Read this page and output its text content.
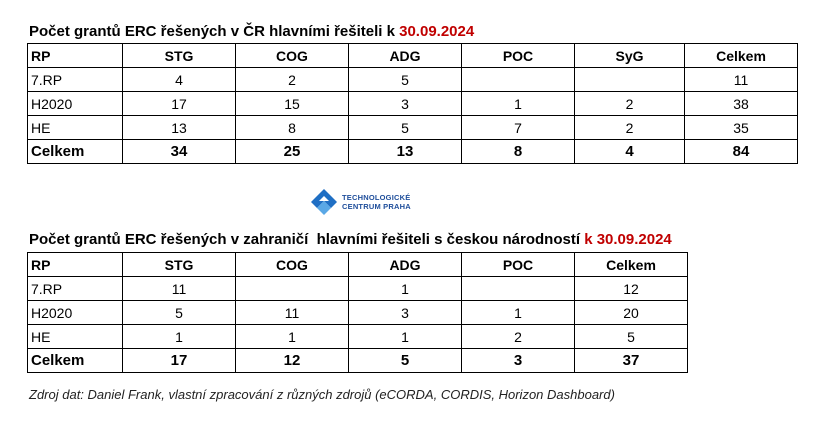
Počet grantů ERC řešených v ČR hlavními řešiteli k 30.09.2024
RP	STG	COG	ADG	POC	SyG	Celkem
7.RP	4	2	5			11
H2020	17	15	3	1	2	38
HE	13	8	5	7	2	35
Celkem	34	25	13	8	4	84
TECHNOLOGICKÉ
CENTRUM PRAHA
Počet grantů ERC řešených v zahraničí  hlavními řešiteli s českou národností k 30.09.2024
RP	STG	COG	ADG	POC	Celkem
7.RP	11		1		12
H2020	5	11	3	1	20
HE	1	1	1	2	5
Celkem	17	12	5	3	37
Zdroj dat: Daniel Frank, vlastní zpracování z různých zdrojů (eCORDA, CORDIS, Horizon Dashboard)
